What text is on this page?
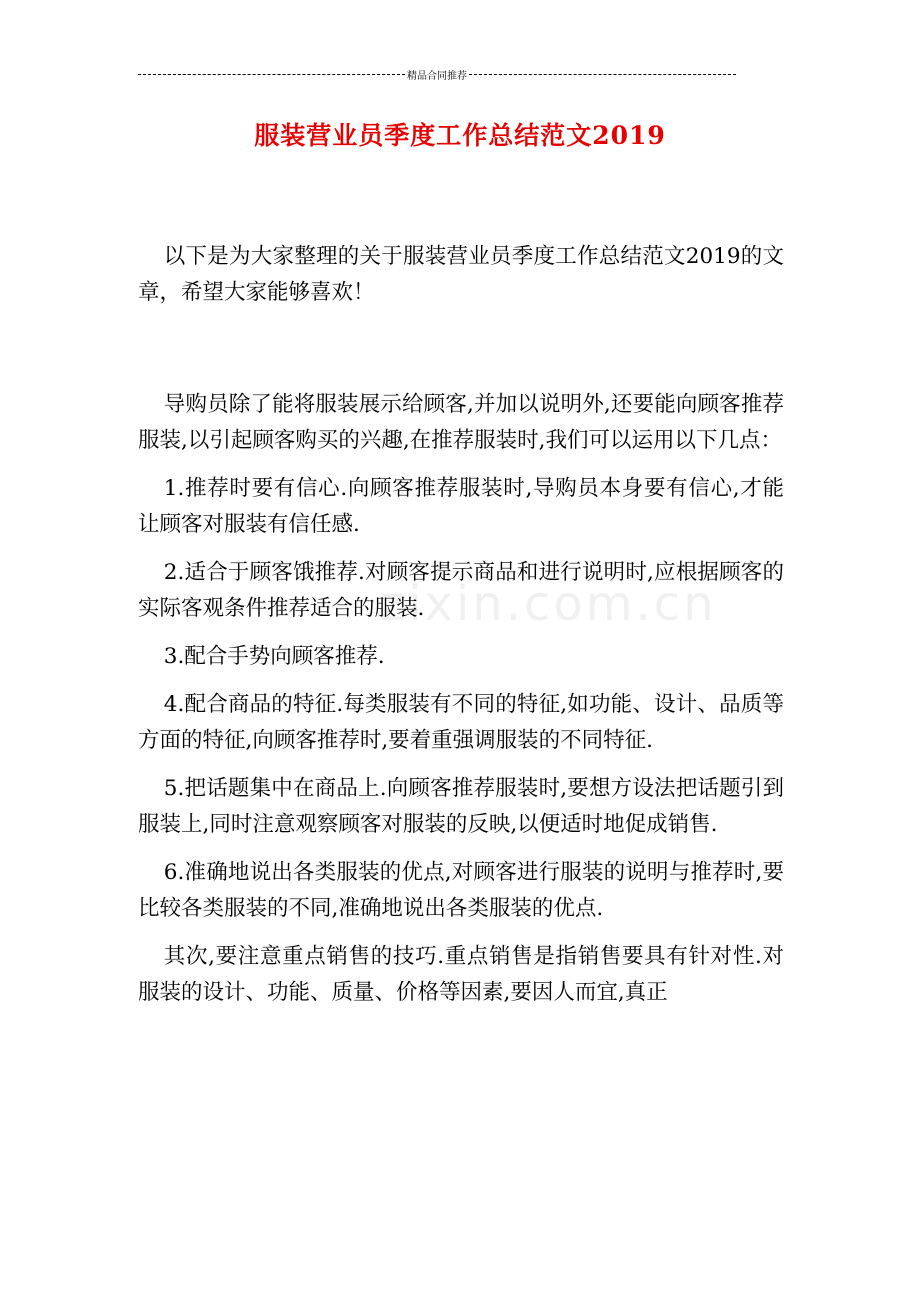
精品合同推荐
服装营业员季度工作总结范文2019
zixin.com.cn

以下是为大家整理的关于服装营业员季度工作总结范文2019的文章，希望大家能够喜欢！

导购员除了能将服装展示给顾客,并加以说明外,还要能向顾客推荐服装,以引起顾客购买的兴趣,在推荐服装时,我们可以运用以下几点：

1.推荐时要有信心.向顾客推荐服装时,导购员本身要有信心,才能让顾客对服装有信任感.

2.适合于顾客饿推荐.对顾客提示商品和进行说明时,应根据顾客的实际客观条件推荐适合的服装.

3.配合手势向顾客推荐.

4.配合商品的特征.每类服装有不同的特征,如功能、设计、品质等方面的特征,向顾客推荐时,要着重强调服装的不同特征.

5.把话题集中在商品上.向顾客推荐服装时,要想方设法把话题引到服装上,同时注意观察顾客对服装的反映,以便适时地促成销售.

6.准确地说出各类服装的优点,对顾客进行服装的说明与推荐时,要比较各类服装的不同,准确地说出各类服装的优点.

其次,要注意重点销售的技巧.重点销售是指销售要具有针对性.对服装的设计、功能、质量、价格等因素,要因人而宜,真正
